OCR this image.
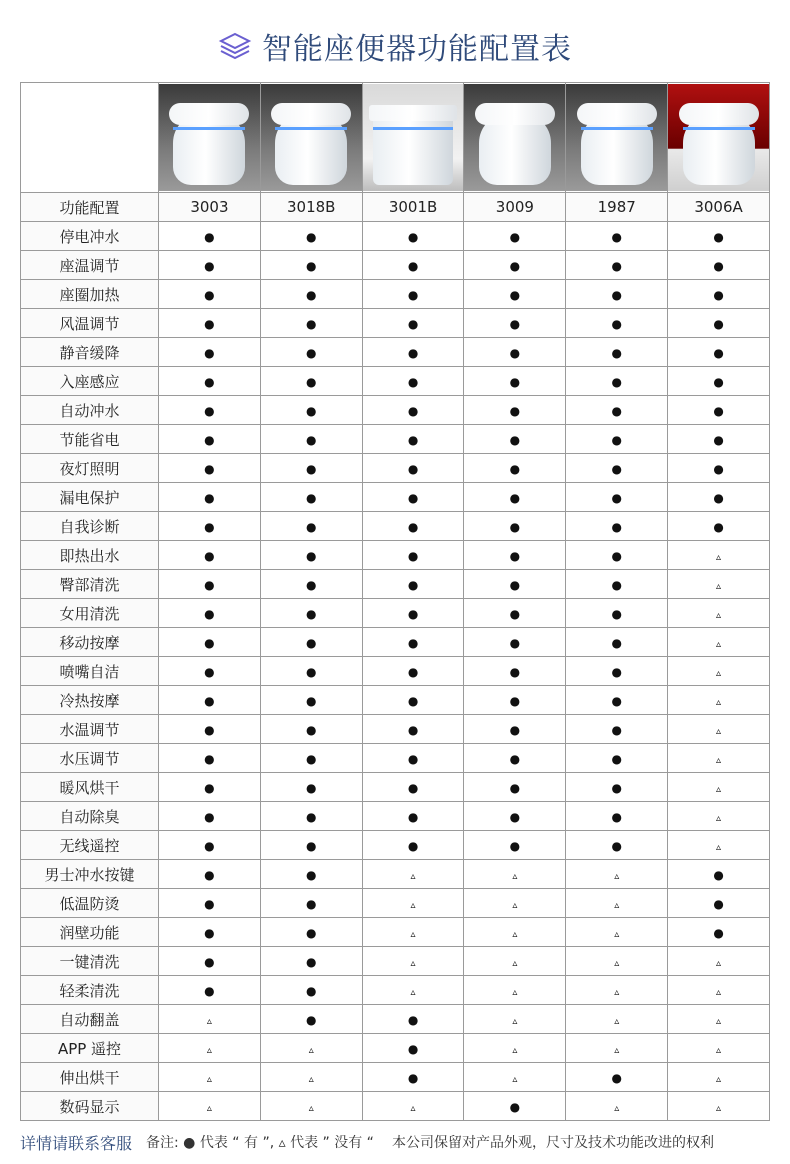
智能座便器功能配置表

功能配置	3003	3018B	3001B	3009	1987	3006A
停电冲水	●	●	●	●	●	●
座温调节	●	●	●	●	●	●
座圈加热	●	●	●	●	●	●
风温调节	●	●	●	●	●	●
静音缓降	●	●	●	●	●	●
入座感应	●	●	●	●	●	●
自动冲水	●	●	●	●	●	●
节能省电	●	●	●	●	●	●
夜灯照明	●	●	●	●	●	●
漏电保护	●	●	●	●	●	●
自我诊断	●	●	●	●	●	●
即热出水	●	●	●	●	●	▵
臀部清洗	●	●	●	●	●	▵
女用清洗	●	●	●	●	●	▵
移动按摩	●	●	●	●	●	▵
喷嘴自洁	●	●	●	●	●	▵
冷热按摩	●	●	●	●	●	▵
水温调节	●	●	●	●	●	▵
水压调节	●	●	●	●	●	▵
暖风烘干	●	●	●	●	●	▵
自动除臭	●	●	●	●	●	▵
无线遥控	●	●	●	●	●	▵
男士冲水按键	●	●	▵	▵	▵	●
低温防烫	●	●	▵	▵	▵	●
润壁功能	●	●	▵	▵	▵	●
一键清洗	●	●	▵	▵	▵	▵
轻柔清洗	●	●	▵	▵	▵	▵
自动翻盖	▵	●	●	▵	▵	▵
APP 遥控	▵	▵	●	▵	▵	▵
伸出烘干	▵	▵	●	▵	●	▵
数码显示	▵	▵	▵	●	▵	▵
详情请联系客服 备注: ● 代表 “ 有 ”, ▵ 代表 ” 没有 “ 本公司保留对产品外观，尺寸及技术功能改进的权利
